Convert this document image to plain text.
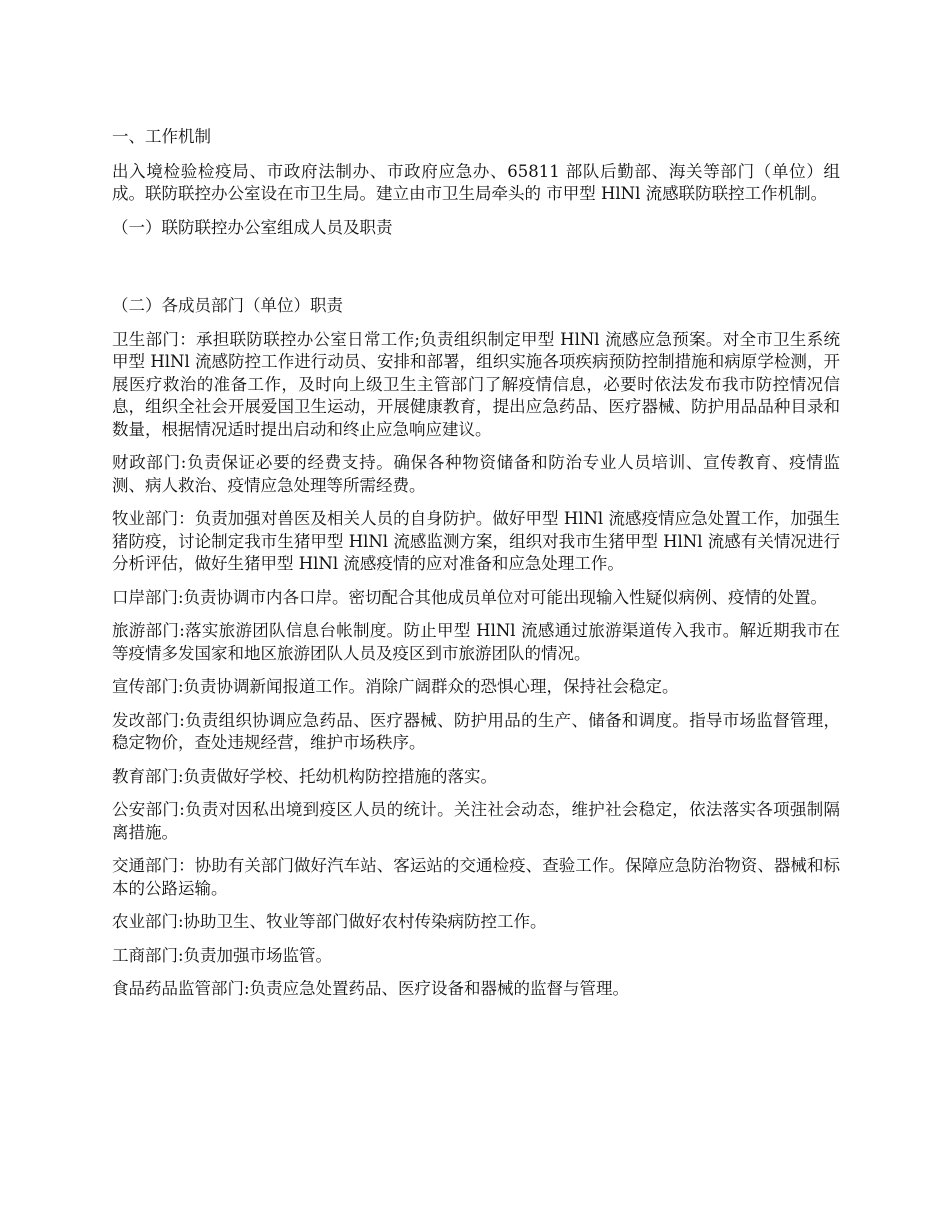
一、工作机制

出入境检验检疫局、市政府法制办、市政府应急办、65811 部队后勤部、海关等部门（单位）组成。联防联控办公室设在市卫生局。建立由市卫生局牵头的 市甲型 HlNl 流感联防联控工作机制。

（一）联防联控办公室组成人员及职责

（二）各成员部门（单位）职责

卫生部门：承担联防联控办公室日常工作;负责组织制定甲型 HlNl 流感应急预案。对全市卫生系统甲型 HlNl 流感防控工作进行动员、安排和部署，组织实施各项疾病预防控制措施和病原学检测，开展医疗救治的准备工作，及时向上级卫生主管部门了解疫情信息，必要时依法发布我市防控情况信息，组织全社会开展爱国卫生运动，开展健康教育，提出应急药品、医疗器械、防护用品品种目录和数量，根据情况适时提出启动和终止应急响应建议。

财政部门:负责保证必要的经费支持。确保各种物资储备和防治专业人员培训、宣传教育、疫情监测、病人救治、疫情应急处理等所需经费。

牧业部门：负责加强对兽医及相关人员的自身防护。做好甲型 HlNl 流感疫情应急处置工作，加强生猪防疫，讨论制定我市生猪甲型 HlNl 流感监测方案，组织对我市生猪甲型 HlNl 流感有关情况进行分析评估，做好生猪甲型 HlNl 流感疫情的应对准备和应急处理工作。

口岸部门:负责协调市内各口岸。密切配合其他成员单位对可能出现输入性疑似病例、疫情的处置。

旅游部门:落实旅游团队信息台帐制度。防止甲型 HlNl 流感通过旅游渠道传入我市。解近期我市在 等疫情多发国家和地区旅游团队人员及疫区到市旅游团队的情况。

宣传部门:负责协调新闻报道工作。消除广阔群众的恐惧心理，保持社会稳定。

发改部门:负责组织协调应急药品、医疗器械、防护用品的生产、储备和调度。指导市场监督管理，稳定物价，查处违规经营，维护市场秩序。

教育部门:负责做好学校、托幼机构防控措施的落实。

公安部门:负责对因私出境到疫区人员的统计。关注社会动态，维护社会稳定，依法落实各项强制隔离措施。

交通部门：协助有关部门做好汽车站、客运站的交通检疫、查验工作。保障应急防治物资、器械和标本的公路运输。

农业部门:协助卫生、牧业等部门做好农村传染病防控工作。

工商部门:负责加强市场监管。

食品药品监管部门:负责应急处置药品、医疗设备和器械的监督与管理。
